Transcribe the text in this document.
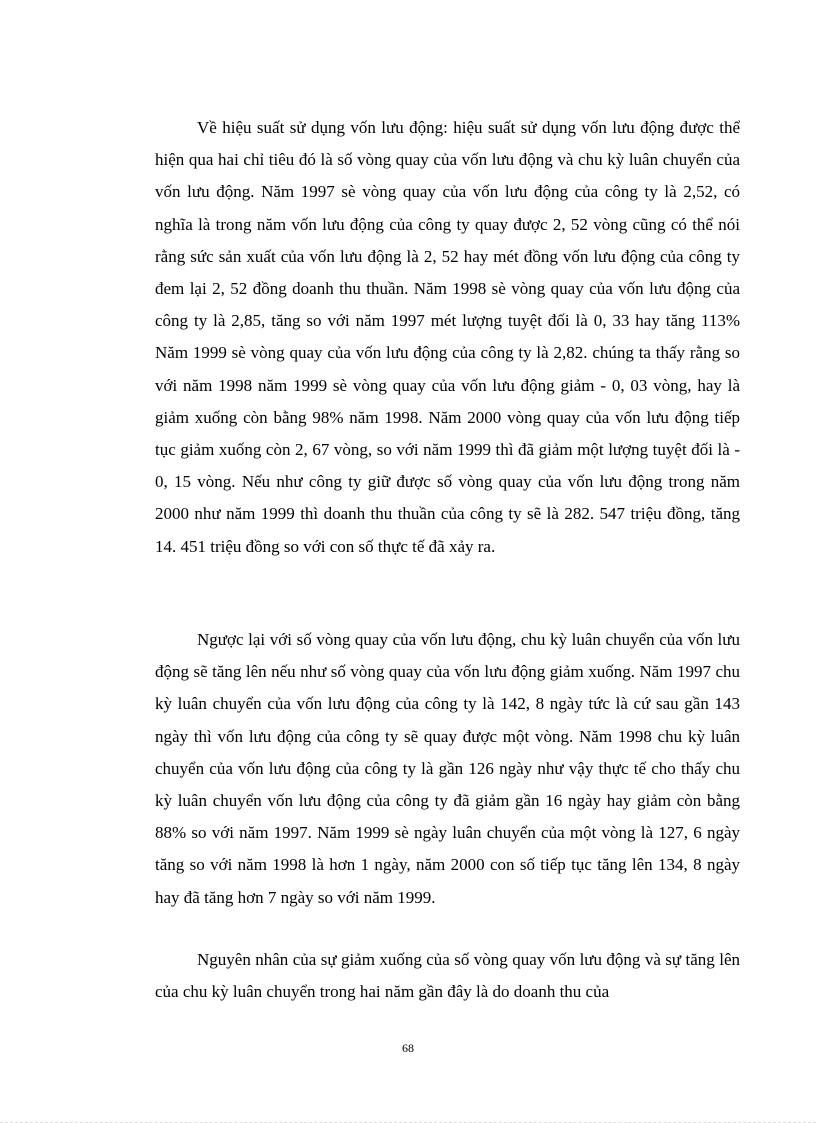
Về hiệu suất sử dụng vốn lưu động: hiệu suất sử dụng vốn lưu động được thể hiện qua hai chỉ tiêu đó là số vòng quay của vốn lưu động và chu kỳ luân chuyển của vốn lưu động. Năm 1997 sè vòng quay của vốn lưu động của công ty là 2,52, có nghĩa là trong năm vốn lưu động của công ty quay được 2, 52 vòng cũng có thể nói rằng sức sản xuất của vốn lưu động là 2, 52 hay mét đồng vốn lưu động của công ty đem lại 2, 52 đồng doanh thu thuần. Năm 1998 sè vòng quay của vốn lưu động của công ty là 2,85, tăng so với năm 1997 mét lượng tuyệt đối là 0, 33 hay tăng 113% Năm 1999 sè vòng quay của vốn lưu động của công ty là 2,82. chúng ta thấy rằng so với năm 1998 năm 1999 sè vòng quay của vốn lưu động giảm - 0, 03 vòng, hay là giảm xuống còn bằng 98% năm 1998. Năm 2000 vòng quay của vốn lưu động tiếp tục giảm xuống còn 2, 67 vòng, so với năm 1999 thì đã giảm một lượng tuyệt đối là - 0, 15 vòng. Nếu như công ty giữ được số vòng quay của vốn lưu động trong năm 2000 như năm 1999 thì doanh thu thuần của công ty sẽ là 282. 547 triệu đồng, tăng 14. 451 triệu đồng so với con số thực tế đã xảy ra.

Ngược lại với số vòng quay của vốn lưu động, chu kỳ luân chuyển của vốn lưu động sẽ tăng lên nếu như số vòng quay của vốn lưu động giảm xuống. Năm 1997 chu kỳ luân chuyển của vốn lưu động của công ty là 142, 8 ngày tức là cứ sau gần 143 ngày thì vốn lưu động của công ty sẽ quay được một vòng. Năm 1998 chu kỳ luân chuyển của vốn lưu động của công ty là gần 126 ngày như vậy thực tế cho thấy chu kỳ luân chuyển vốn lưu động của công ty đã giảm gần 16 ngày hay giảm còn bằng 88% so với năm 1997. Năm 1999 sè ngày luân chuyển của một vòng là 127, 6 ngày tăng so với năm 1998 là hơn 1 ngày, năm 2000 con số tiếp tục tăng lên 134, 8 ngày hay đã tăng hơn 7 ngày so với năm 1999.

Nguyên nhân của sự giảm xuống của số vòng quay vốn lưu động và sự tăng lên của chu kỳ luân chuyển trong hai năm gần đây là do doanh thu của

68
